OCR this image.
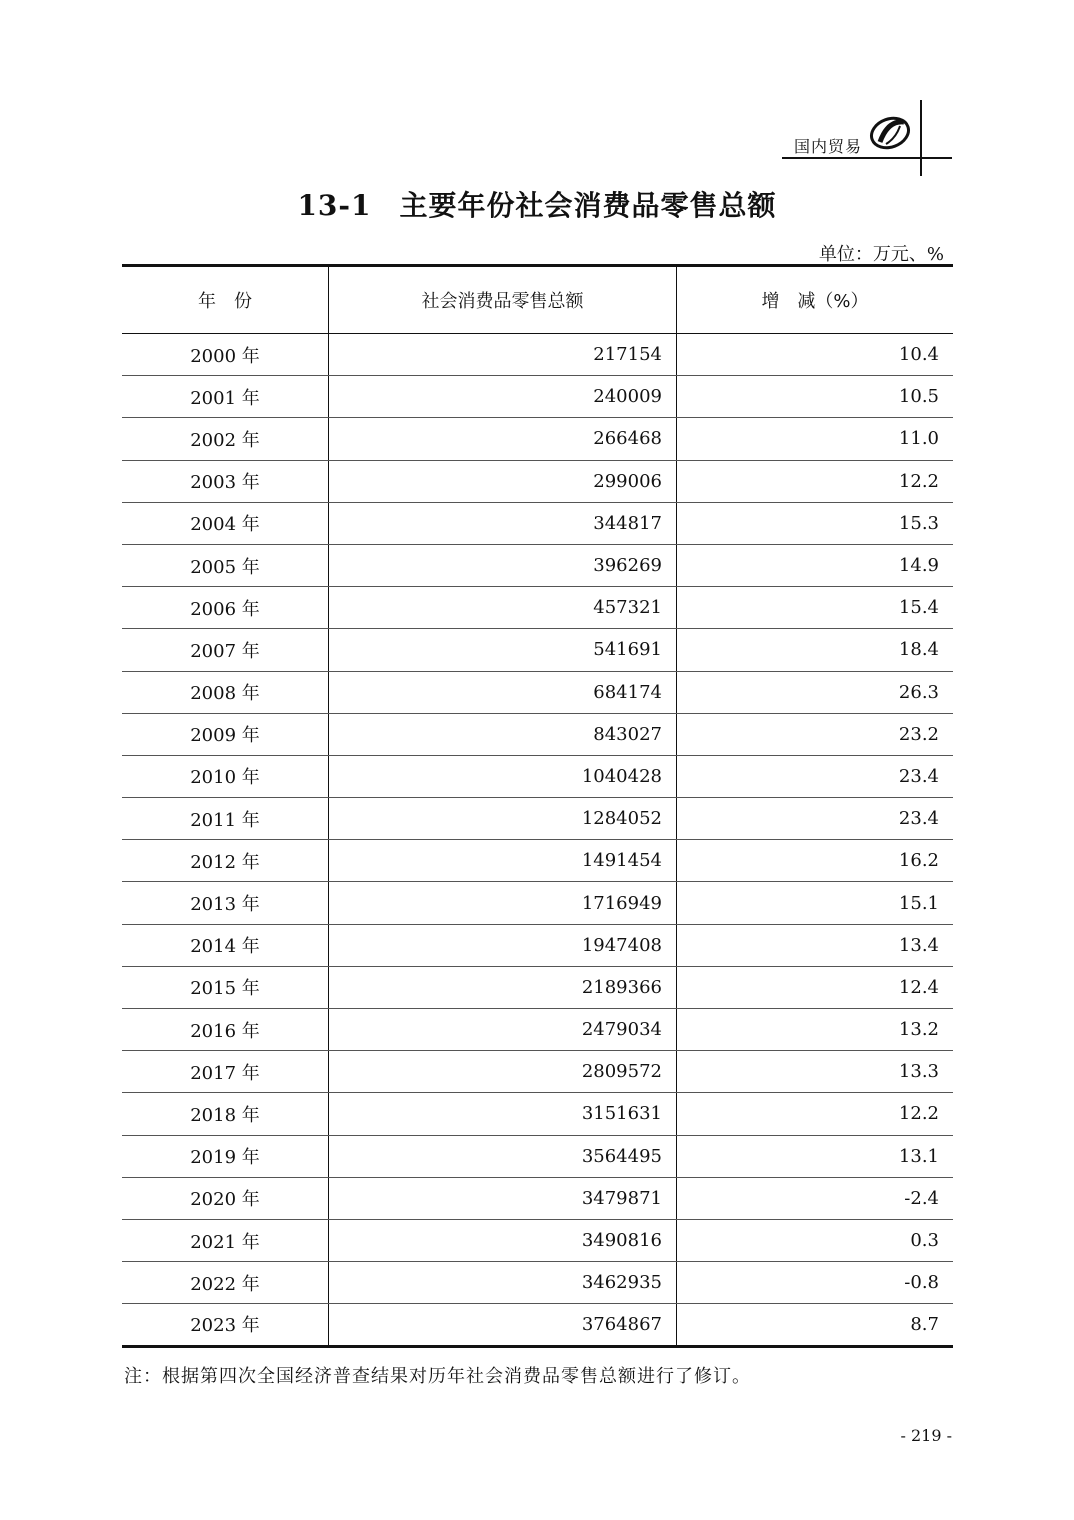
国内贸易
13-1 主要年份社会消费品零售总额
单位：万元、%
年　份	社会消费品零售总额	增　减（%）
2000 年	217154	10.4
2001 年	240009	10.5
2002 年	266468	11.0
2003 年	299006	12.2
2004 年	344817	15.3
2005 年	396269	14.9
2006 年	457321	15.4
2007 年	541691	18.4
2008 年	684174	26.3
2009 年	843027	23.2
2010 年	1040428	23.4
2011 年	1284052	23.4
2012 年	1491454	16.2
2013 年	1716949	15.1
2014 年	1947408	13.4
2015 年	2189366	12.4
2016 年	2479034	13.2
2017 年	2809572	13.3
2018 年	3151631	12.2
2019 年	3564495	13.1
2020 年	3479871	-2.4
2021 年	3490816	0.3
2022 年	3462935	-0.8
2023 年	3764867	8.7
注：根据第四次全国经济普查结果对历年社会消费品零售总额进行了修订。
- 219 -
